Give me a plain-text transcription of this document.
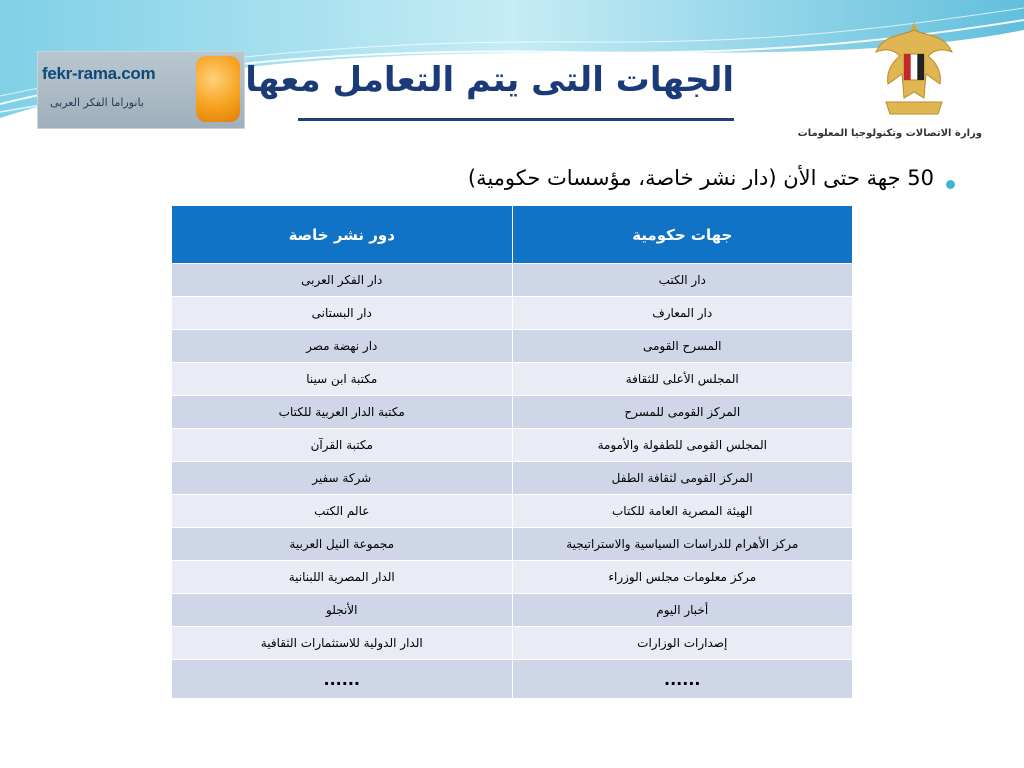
fekr-rama.com
بانوراما الفكر العربى
الجهات التى يتم التعامل معها
وزارة الاتصالات وتكنولوجيا المعلومات
50 جهة حتى الأن (دار نشر خاصة، مؤسسات حكومية)
جهات حكومية	دور نشر خاصة
دار الكتب	دار الفكر العربى
دار المعارف	دار البستانى
المسرح القومى	دار نهضة مصر
المجلس الأعلى للثقافة	مكتبة ابن سينا
المركز القومى للمسرح	مكتبة الدار العربية للكتاب
المجلس القومى للطفولة والأمومة	مكتبة القرآن
المركز القومى لثقافة الطفل	شركة سفير
الهيئة المصرية العامة للكتاب	عالم الكتب
مركز الأهرام للدراسات السياسية والاستراتيجية	مجموعة النيل العربية
مركز معلومات مجلس الوزراء	الدار المصرية اللبنانية
أخبار اليوم	الأنجلو
إصدارات الوزارات	الدار الدولية للاستثمارات الثقافية
......	......
